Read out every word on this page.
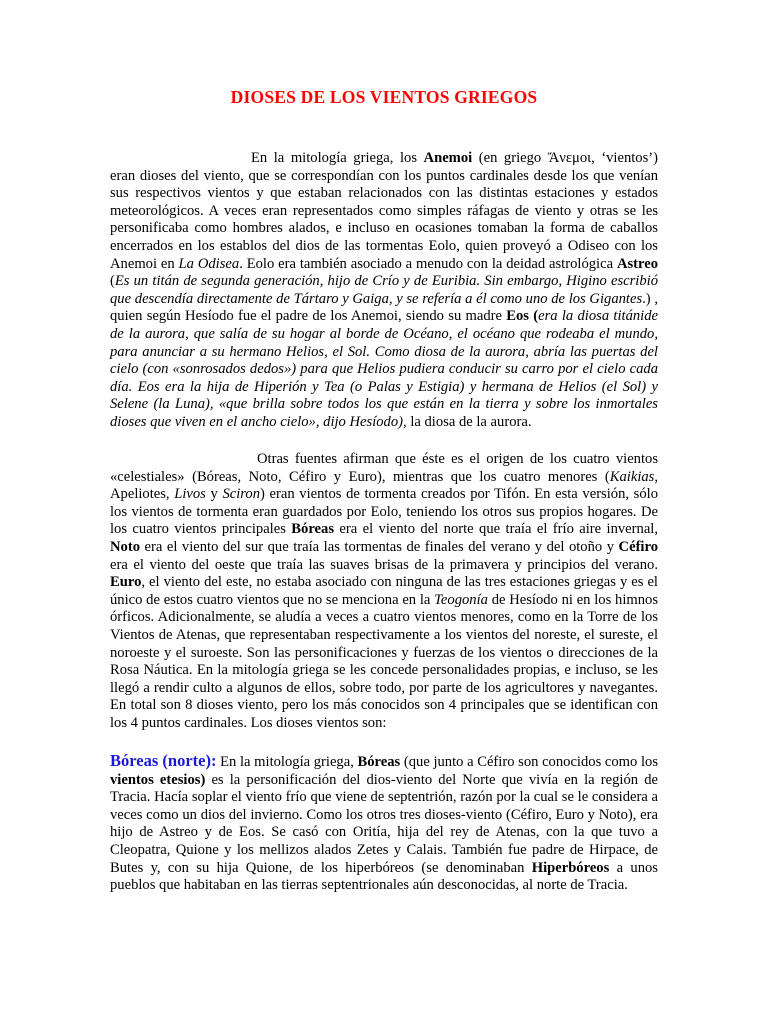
DIOSES DE LOS VIENTOS GRIEGOS

En la mitología griega, los Anemoi (en griego Ἄνεμοι, ‘vientos’) eran dioses del viento, que se correspondían con los puntos cardinales desde los que venían sus respectivos vientos y que estaban relacionados con las distintas estaciones y estados meteorológicos. A veces eran representados como simples ráfagas de viento y otras se les personificaba como hombres alados, e incluso en ocasiones tomaban la forma de caballos encerrados en los establos del dios de las tormentas Eolo, quien proveyó a Odiseo con los Anemoi en La Odisea. Eolo era también asociado a menudo con la deidad astrológica Astreo (Es un titán de segunda generación, hijo de Crío y de Euribia. Sin embargo, Higino escribió que descendía directamente de Tártaro y Gaiga, y se refería a él como uno de los Gigantes.) , quien según Hesíodo fue el padre de los Anemoi, siendo su madre Eos (era la diosa titánide de la aurora, que salía de su hogar al borde de Océano, el océano que rodeaba el mundo, para anunciar a su hermano Helios, el Sol. Como diosa de la aurora, abría las puertas del cielo (con «sonrosados dedos») para que Helios pudiera conducir su carro por el cielo cada día. Eos era la hija de Hiperión y Tea (o Palas y Estigia) y hermana de Helios (el Sol) y Selene (la Luna), «que brilla sobre todos los que están en la tierra y sobre los inmortales dioses que viven en el ancho cielo», dijo Hesíodo), la diosa de la aurora.

Otras fuentes afirman que éste es el origen de los cuatro vientos «celestiales» (Bóreas, Noto, Céfiro y Euro), mientras que los cuatro menores (Kaikias, Apeliotes, Livos y Sciron) eran vientos de tormenta creados por Tifón. En esta versión, sólo los vientos de tormenta eran guardados por Eolo, teniendo los otros sus propios hogares. De los cuatro vientos principales Bóreas era el viento del norte que traía el frío aire invernal, Noto era el viento del sur que traía las tormentas de finales del verano y del otoño y Céfiro era el viento del oeste que traía las suaves brisas de la primavera y principios del verano. Euro, el viento del este, no estaba asociado con ninguna de las tres estaciones griegas y es el único de estos cuatro vientos que no se menciona en la Teogonía de Hesíodo ni en los himnos órficos. Adicionalmente, se aludía a veces a cuatro vientos menores, como en la Torre de los Vientos de Atenas, que representaban respectivamente a los vientos del noreste, el sureste, el noroeste y el suroeste. Son las personificaciones y fuerzas de los vientos o direcciones de la Rosa Náutica. En la mitología griega se les concede personalidades propias, e incluso, se les llegó a rendir culto a algunos de ellos, sobre todo, por parte de los agricultores y navegantes. En total son 8 dioses viento, pero los más conocidos son 4 principales que se identifican con los 4 puntos cardinales. Los dioses vientos son:

Bóreas (norte): En la mitología griega, Bóreas (que junto a Céfiro son conocidos como los vientos etesios) es la personificación del dios-viento del Norte que vivía en la región de Tracia. Hacía soplar el viento frío que viene de septentrión, razón por la cual se le considera a veces como un dios del invierno. Como los otros tres dioses-viento (Céfiro, Euro y Noto), era hijo de Astreo y de Eos. Se casó con Oritía, hija del rey de Atenas, con la que tuvo a Cleopatra, Quione y los mellizos alados Zetes y Calais. También fue padre de Hirpace, de Butes y, con su hija Quione, de los hiperbóreos (se denominaban Hiperbóreos a unos pueblos que habitaban en las tierras septentrionales aún desconocidas, al norte de Tracia.
